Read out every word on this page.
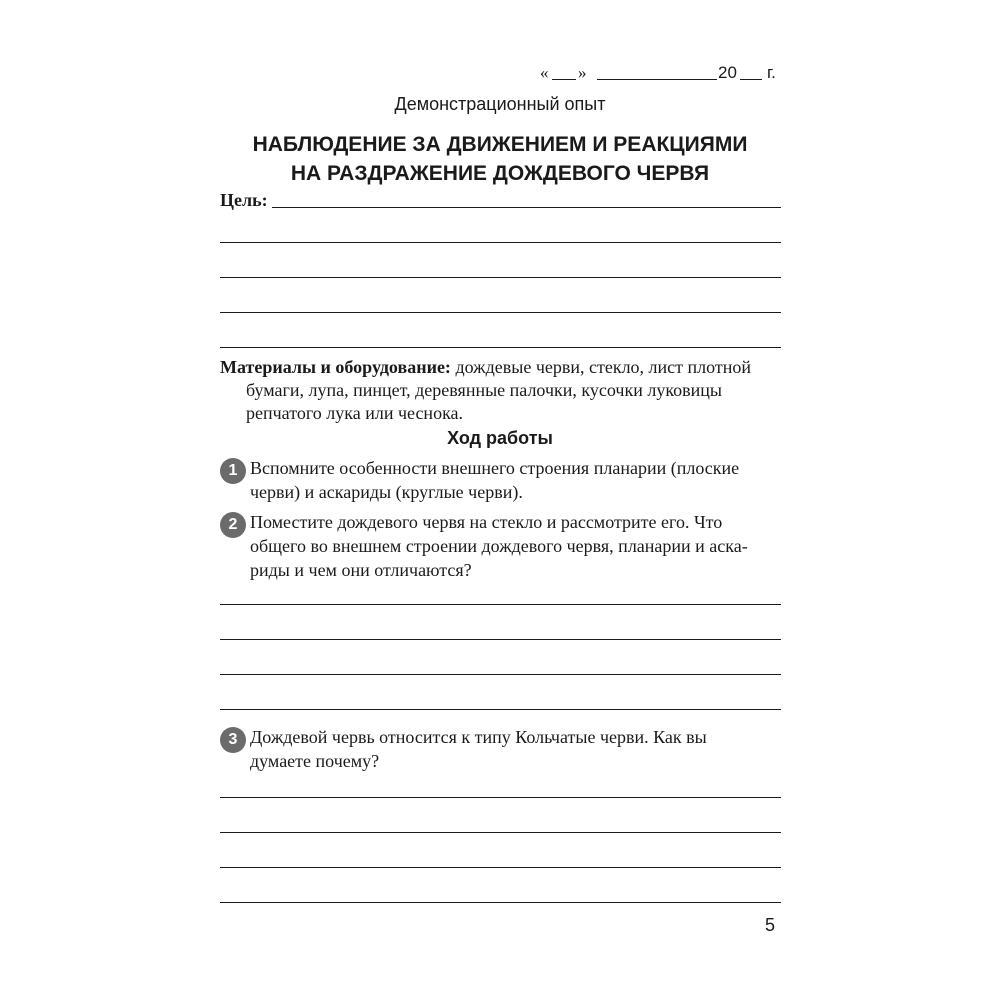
« »	20 г.
Демонстрационный опыт
НАБЛЮДЕНИЕ ЗА ДВИЖЕНИЕМ И РЕАКЦИЯМИ
НА РАЗДРАЖЕНИЕ ДОЖДЕВОГО ЧЕРВЯ
Цель:
Материалы и оборудование: дождевые черви, стекло, лист плотной
бумаги, лупа, пинцет, деревянные палочки, кусочки луковицы
репчатого лука или чеснока.
Ход работы
1 Вспомните особенности внешнего строения планарии (плоские
черви) и аскариды (круглые черви).
2 Поместите дождевого червя на стекло и рассмотрите его. Что
общего во внешнем строении дождевого червя, планарии и аска-
риды и чем они отличаются?
3 Дождевой червь относится к типу Кольчатые черви. Как вы
думаете почему?
5
